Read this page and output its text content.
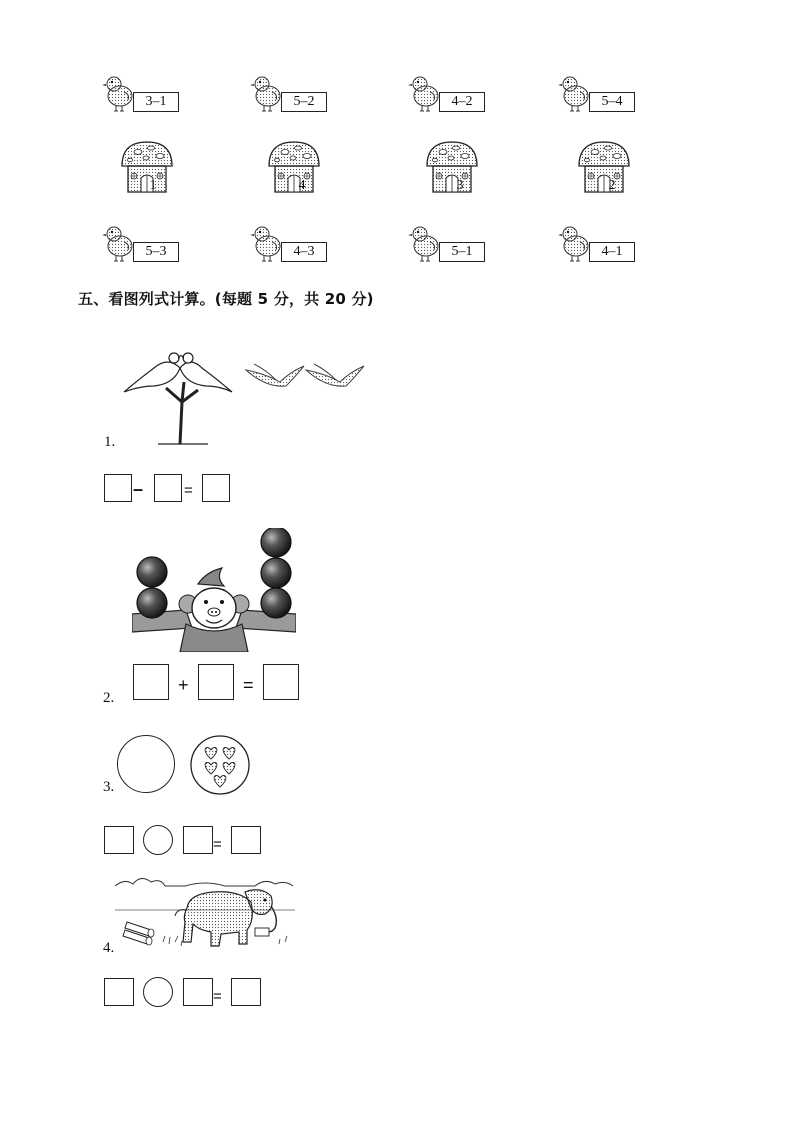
3–1	5–2	4–2	5–4
1	4	3	2
5–3	4–3	5–1	4–1
五、看图列式计算。(每题 5 分，共 20 分)
1.
–	=
2.
+	=
3.
=
4.
=
